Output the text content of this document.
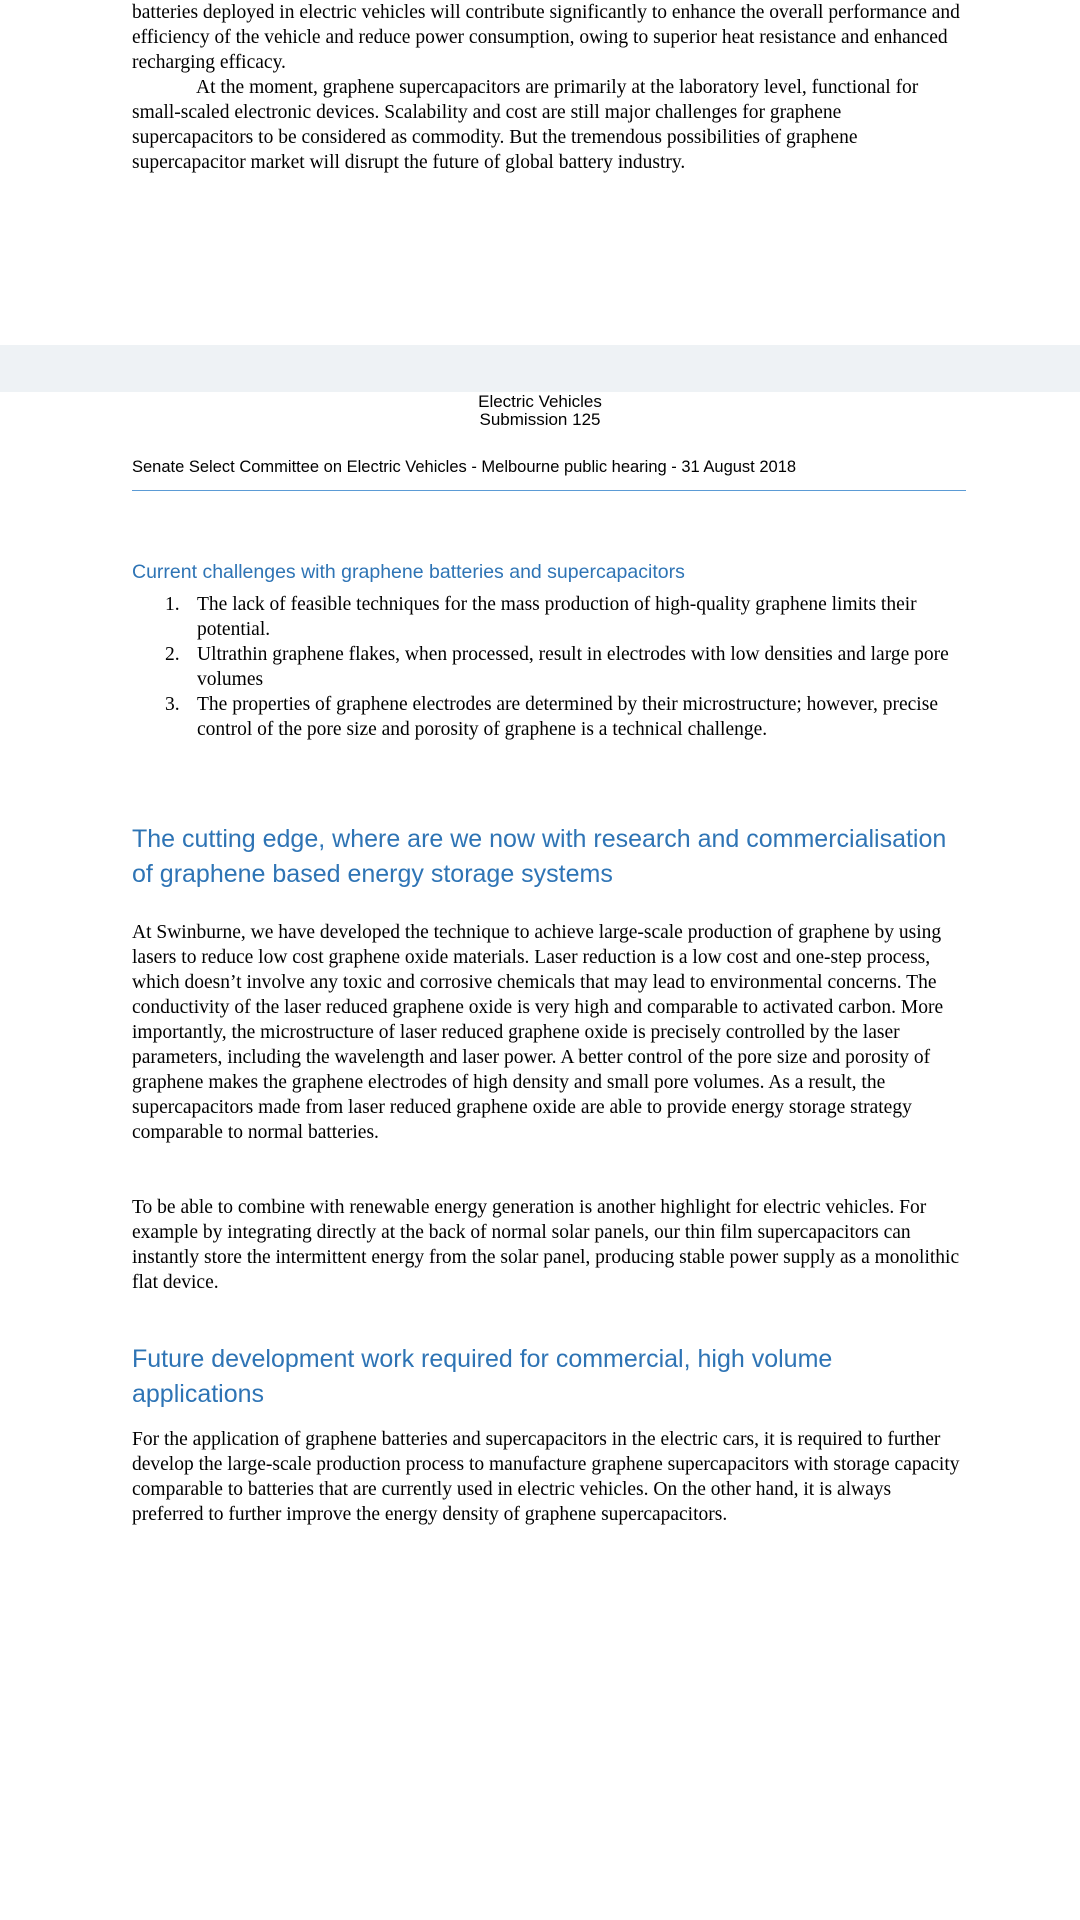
batteries deployed in electric vehicles will contribute significantly to enhance the overall performance and efficiency of the vehicle and reduce power consumption, owing to superior heat resistance and enhanced recharging efficacy.

At the moment, graphene supercapacitors are primarily at the laboratory level, functional for small-scaled electronic devices. Scalability and cost are still major challenges for graphene supercapacitors to be considered as commodity. But the tremendous possibilities of graphene supercapacitor market will disrupt the future of global battery industry.

Electric Vehicles
Submission 125
Senate Select Committee on Electric Vehicles - Melbourne public hearing - 31 August 2018
Current challenges with graphene batteries and supercapacitors
1. The lack of feasible techniques for the mass production of high-quality graphene limits their potential.
2. Ultrathin graphene flakes, when processed, result in electrodes with low densities and large pore volumes
3. The properties of graphene electrodes are determined by their microstructure; however, precise control of the pore size and porosity of graphene is a technical challenge.
The cutting edge, where are we now with research and commercialisation of graphene based energy storage systems

At Swinburne, we have developed the technique to achieve large-scale production of graphene by using lasers to reduce low cost graphene oxide materials. Laser reduction is a low cost and one-step process, which doesn’t involve any toxic and corrosive chemicals that may lead to environmental concerns. The conductivity of the laser reduced graphene oxide is very high and comparable to activated carbon. More importantly, the microstructure of laser reduced graphene oxide is precisely controlled by the laser parameters, including the wavelength and laser power. A better control of the pore size and porosity of graphene makes the graphene electrodes of high density and small pore volumes. As a result, the supercapacitors made from laser reduced graphene oxide are able to provide energy storage strategy comparable to normal batteries.

To be able to combine with renewable energy generation is another highlight for electric vehicles. For example by integrating directly at the back of normal solar panels, our thin film supercapacitors can instantly store the intermittent energy from the solar panel, producing stable power supply as a monolithic flat device.

Future development work required for commercial, high volume applications

For the application of graphene batteries and supercapacitors in the electric cars, it is required to further develop the large-scale production process to manufacture graphene supercapacitors with storage capacity comparable to batteries that are currently used in electric vehicles. On the other hand, it is always preferred to further improve the energy density of graphene supercapacitors.
